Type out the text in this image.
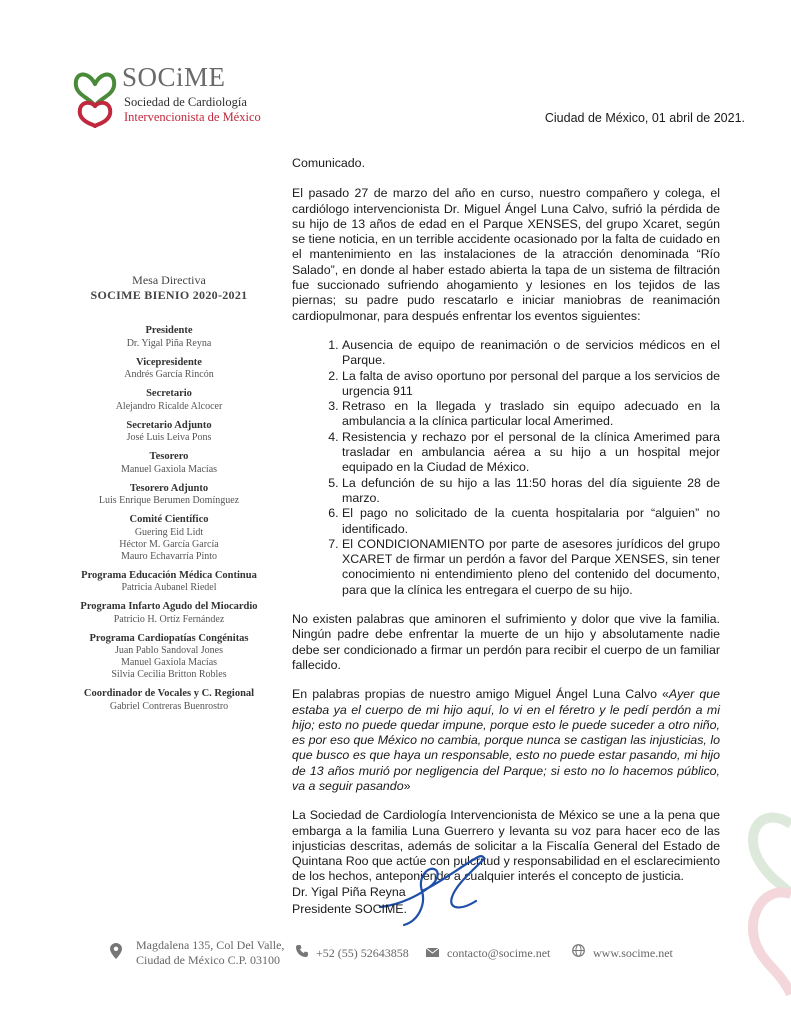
SOCiME
Sociedad de Cardiología
Intervencionista de México	Ciudad de México, 01 abril de 2021.
Mesa Directiva
SOCIME BIENIO 2020-2021
Presidente
Dr. Yigal Piña Reyna
Vicepresidente
Andrés García Rincón
Secretario
Alejandro Ricalde Alcocer
Secretario Adjunto
José Luis Leiva Pons
Tesorero
Manuel Gaxiola Macías
Tesorero Adjunto
Luis Enrique Berumen Domínguez
Comité Científico
Guering Eid Lidt
Héctor M. García García
Mauro Echavarría Pinto
Programa Educación Médica Continua
Patricia Aubanel Riedel
Programa Infarto Agudo del Miocardio
Patricio H. Ortíz Fernández
Programa Cardiopatías Congénitas
Juan Pablo Sandoval Jones
Manuel Gaxiola Macías
Silvia Cecilia Britton Robles
Coordinador de Vocales y C. Regional
Gabriel Contreras Buenrostro

Comunicado.

El pasado 27 de marzo del año en curso, nuestro compañero y colega, el cardiólogo intervencionista Dr. Miguel Ángel Luna Calvo, sufrió la pérdida de su hijo de 13 años de edad en el Parque XENSES, del grupo Xcaret, según se tiene noticia, en un terrible accidente ocasionado por la falta de cuidado en el mantenimiento en las instalaciones de la atracción denominada “Río Salado”, en donde al haber estado abierta la tapa de un sistema de filtración fue succionado sufriendo ahogamiento y lesiones en los tejidos de las piernas; su padre pudo rescatarlo e iniciar maniobras de reanimación cardiopulmonar, para después enfrentar los eventos siguientes:

1. Ausencia de equipo de reanimación o de servicios médicos en el Parque.
2. La falta de aviso oportuno por personal del parque a los servicios de urgencia 911
3. Retraso en la llegada y traslado sin equipo adecuado en la ambulancia a la clínica particular local Amerimed.
4. Resistencia y rechazo por el personal de la clínica Amerimed para trasladar en ambulancia aérea a su hijo a un hospital mejor equipado en la Ciudad de México.
5. La defunción de su hijo a las 11:50 horas del día siguiente 28 de marzo.
6. El pago no solicitado de la cuenta hospitalaria por “alguien” no identificado.
7. El CONDICIONAMIENTO por parte de asesores jurídicos del grupo XCARET de firmar un perdón a favor del Parque XENSES, sin tener conocimiento ni entendimiento pleno del contenido del documento, para que la clínica les entregara el cuerpo de su hijo.

No existen palabras que aminoren el sufrimiento y dolor que vive la familia. Ningún padre debe enfrentar la muerte de un hijo y absolutamente nadie debe ser condicionado a firmar un perdón para recibir el cuerpo de un familiar fallecido.

En palabras propias de nuestro amigo Miguel Ángel Luna Calvo «Ayer que estaba ya el cuerpo de mi hijo aquí, lo vi en el féretro y le pedí perdón a mi hijo; esto no puede quedar impune, porque esto le puede suceder a otro niño, es por eso que México no cambia, porque nunca se castigan las injusticias, lo que busco es que haya un responsable, esto no puede estar pasando, mi hijo de 13 años murió por negligencia del Parque; si esto no lo hacemos público, va a seguir pasando»

La Sociedad de Cardiología Intervencionista de México se une a la pena que embarga a la familia Luna Guerrero y levanta su voz para hacer eco de las injusticias descritas, además de solicitar a la Fiscalía General del Estado de Quintana Roo que actúe con pulcritud y responsabilidad en el esclarecimiento de los hechos, anteponiendo a cualquier interés el concepto de justicia.

Dr. Yigal Piña Reyna
Presidente SOCIME.
Magdalena 135, Col Del Valle,
Ciudad de México C.P. 03100
+52 (55) 52643858	contacto@socime.net	www.socime.net
